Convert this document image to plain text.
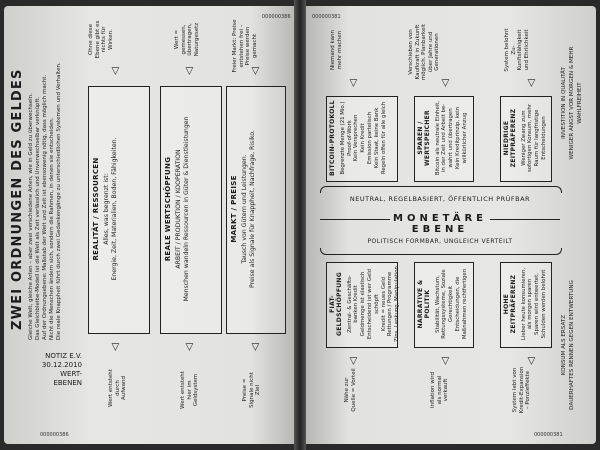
ZWEI ORDNUNGEN DES GELDES Gleiche Welt, gleiche Arten – aber zwei verschiedene Arten, wie in Geld zu überwechseln. Das Gleichbleibe-Modell ist die Welt als Zeit verlässlich und Unverwechselbar verknüpft. Auf der Ordnungsebene: Maßstab der Welt und Zeit ist ebensowenig nötig, dass möglich macht. Nicht die Menschen ändern sich, sondern die Rahmen, in denen sie entscheiden. Die reale Knappheit führt durch zwei Gedankengänge zu unterschiedlichen Systemen und Verhalten.
Ohne diese Ebene gibt es nichts für Wirken.	Wert = gemessen, übertragen, Naturgesetz	Freier Markt: Preise entstehen frei – Preise werden gemacht
◁	◁	◁
REALITÄT / RESSOURCEN Alles, was begrenzt ist:
Energie, Zeit, Materialien, Boden, Fähigkeiten.	REALE WERTSCHÖPFUNG ARBEIT / PRODUKTION / KOOPERATION
Menschen wandeln Ressourcen in Güter & Dienstleistungen	MARKT / PREISE Tausch von Gütern und Leistungen.
Preise als Signale für Knappheit, Nachfrage, Risiko.
◁	◁	◁
Wert entsteht durch Aufwand	Wert entsteht hier im Geldsystem	Preise = Signale nicht Ziel
NOTIZ E.V.
30.12.2010
WERT-
EBENEN
000000386
000000386	000000381
000000381
Niemand kann mehr machen	Verschieben von Kaufkraft in Zukunft möglich. Planbarkeit über Jahre und Generationen	System belohnt Zu-Kunftsfähigkeit und Ehrlichkeit
◁	◁	◁
BITCOIN-PROTOKOLL Begrenzte Menge (21 Mio.)
Proof-of-Work
Kein Versprechen
Kein Kredit
Emission parteiisch
Kein Staat, keine Bank
Regeln offen für alle gleich	SPAREN / WERTSPEICHER Bitcoin als neutrale Einheit,
in der Zeit und Arbeit be-
wahrt und übertragen
Kein Kreditprinzip, kein
willkürlicher Anzug	NIEDRIGE ZEITPRÄFERENZ Weniger Zwang zum
sofortigen Konsum, mehr
Raum für langfristige
Entscheidungen	INVESTITION IN QUALITÄT WENIGER ANGST VOR MORGEN & MEHR WAHLFREIHEIT
NEUTRAL, REGELBASIERT, ÖFFENTLICH PRÜFBAR
MONETÄRE EBENE
POLITISCH FORMBAR, UNGLEICH VERTEILT
FIAT-GELDSCHÖPFUNG Zentral- & Geschäfts-
banken Kredit
Geldmenge ist elastisch
Entscheidend ist wer Geld schöpft
Kredit = neues Geld
Rettungen / Programme
Zins, Lenkung, Manipulation	NARRATIVE & POLITIK Stabilität, Wachstum,
Rettungssysteme, Soziale
Gerechtigkeit
Entscheidungen, die
Maßnahmen rechtfertigen	HOHE ZEITPRÄFERENZ Lieber heute konsumieren,
als morgen sparen
Sparen wird entwertet,
Schulden werden belohnt
KONSUM ALS ERSATZ DAUERHAFTES RENNEN GEGEN ENTWERTUNG
◁	◁	◁
Nähe zur Quelle = Vorteil	Inflation wird als normal verkauft	System lebt von Kredit-Expansion – Ponzieffekte
